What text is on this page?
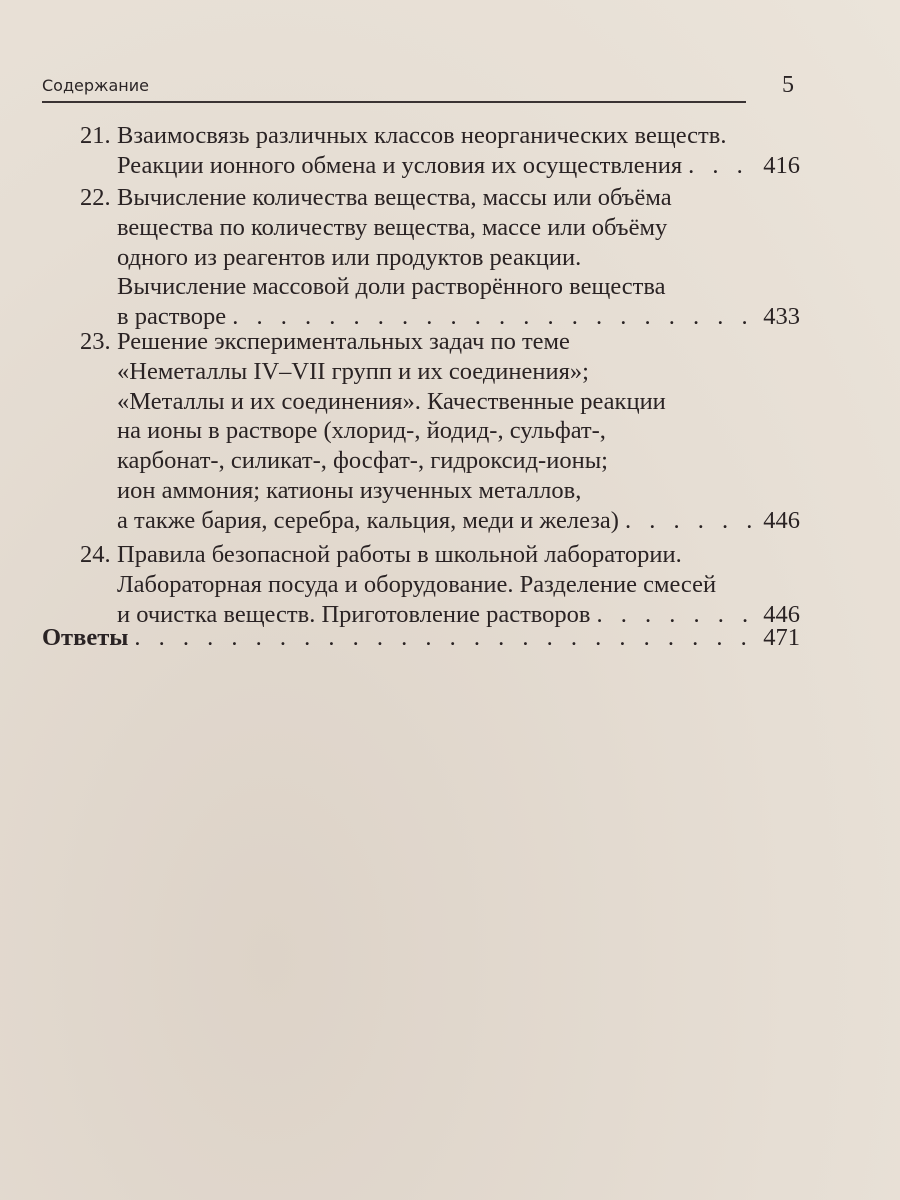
Содержание	5
21. Взаимосвязь различных классов неорганических веществ.
Реакции ионного обмена и условия их осуществления . . .	416
22. Вычисление количества вещества, массы или объёма
вещества по количеству вещества, массе или объёму
одного из реагентов или продуктов реакции.
Вычисление массовой доли растворённого вещества
в растворе . . .	433
23. Решение экспериментальных задач по теме
«Неметаллы IV–VII групп и их соединения»;
«Металлы и их соединения». Качественные реакции
на ионы в растворе (хлорид-, йодид-, сульфат-,
карбонат-, силикат-, фосфат-, гидроксид-ионы;
ион аммония; катионы изученных металлов,
а также бария, серебра, кальция, меди и железа) . . .	446
24. Правила безопасной работы в школьной лаборатории.
Лабораторная посуда и оборудование. Разделение смесей
и очистка веществ. Приготовление растворов . . .	446
Ответы . . .	471
